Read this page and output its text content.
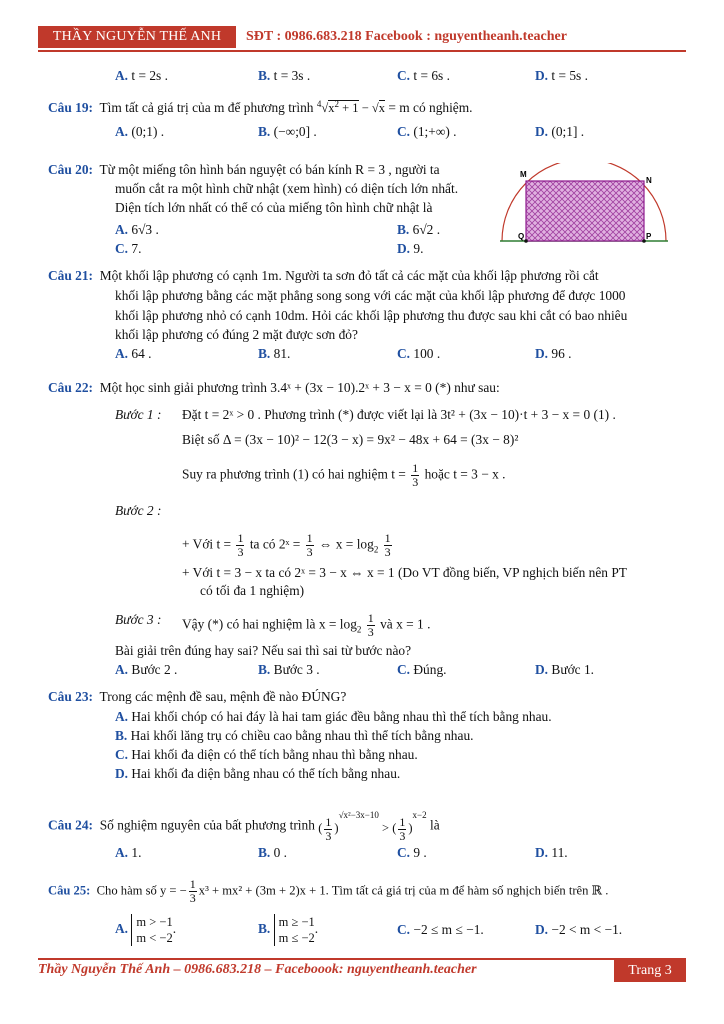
THẦY NGUYỄN THẾ ANH	SĐT : 0986.683.218 Facebook : nguyentheanh.teacher
A. t = 2s .	B. t = 3s .	C. t = 6s .	D. t = 5s .
Câu 19: Tìm tất cả giá trị của m để phương trình $^4√x^2 + 1 - √x = m$ có nghiệm.
A. (0;1) .	B. (−∞;0] .	C. (1;+∞) .	D. (0;1] .
Câu 20: Từ một miếng tôn hình bán nguyệt có bán kính R = 3 , người ta
muốn cắt ra một hình chữ nhật (xem hình) có diện tích lớn nhất.
Diện tích lớn nhất có thể có của miếng tôn hình chữ nhật là
A. 6√3 .	B. 6√2 .
C. 7.	D. 9.
M
N
Q	P
Câu 21: Một khối lập phương có cạnh 1m. Người ta sơn đỏ tất cả các mặt của khối lập phương rồi cắt
khối lập phương bằng các mặt phẳng song song với các mặt của khối lập phương để được 1000
khối lập phương nhỏ có cạnh 10dm. Hỏi các khối lập phương thu được sau khi cắt có bao nhiêu
khối lập phương có đúng 2 mặt được sơn đỏ?
A. 64 .	B. 81.	C. 100 .	D. 96 .
Câu 22: Một học sinh giải phương trình 3.4ˣ + (3x − 10).2ˣ + 3 − x = 0 (*) như sau:
Bước 1 : Đặt t = 2ˣ > 0 . Phương trình (*) được viết lại là 3t² + (3x − 10)·t + 3 − x = 0 (1) .
Biệt số Δ = (3x − 10)² − 12(3 − x) = 9x² − 48x + 64 = (3x − 8)²
Suy ra phương trình (1) có hai nghiệm $t = \frac{1}{3}$ hoặc t = 3 − x .
Bước 2 :
+ Với $t = \frac{1}{3}$ ta có 2ˣ = $\frac{1}{3}$ ⇔ $x = \log_2 \frac{1}{3}$
+ Với t = 3 − x ta có 2ˣ = 3 − x ⇔ x = 1 (Do VT đồng biến, VP nghịch biến nên PT
có tối đa 1 nghiệm)
Bước 3 : Vậy (*) có hai nghiệm là $x = \log_2 \frac{1}{3}$ và x = 1 .
Bài giải trên đúng hay sai? Nếu sai thì sai từ bước nào?
A. Bước 2 .	B. Bước 3 .	C. Đúng.	D. Bước 1.
Câu 23: Trong các mệnh đề sau, mệnh đề nào ĐÚNG?
A. Hai khối chóp có hai đáy là hai tam giác đều bằng nhau thì thể tích bằng nhau.
B. Hai khối lăng trụ có chiều cao bằng nhau thì thể tích bằng nhau.
C. Hai khối đa diện có thể tích bằng nhau thì bằng nhau.
D. Hai khối đa diện bằng nhau có thể tích bằng nhau.
Câu 24: Số nghiệm nguyên của bất phương trình ( $\frac{1}{3} )^{√x^2-3x-10}$ > ( $\frac{1}{3} )^{x-2}$ là
A. 1.	B. 0 .	C. 9 .	D. 11.
Câu 25: Cho hàm số y = − $\frac{1}{3} x^3 + mx^2 + (3m + 2)x + 1$. Tìm tất cả giá trị của m để hàm số nghịch biến trên ℝ .
A. m > −1
m < −2
.	B. m ≥ −1
m ≤ −2
.	C. −2 ≤ m ≤ −1.	D. −2 < m < −1.
Thầy Nguyễn Thế Anh – 0986.683.218 – Faceboook: nguyentheanh.teacher	Trang 3
